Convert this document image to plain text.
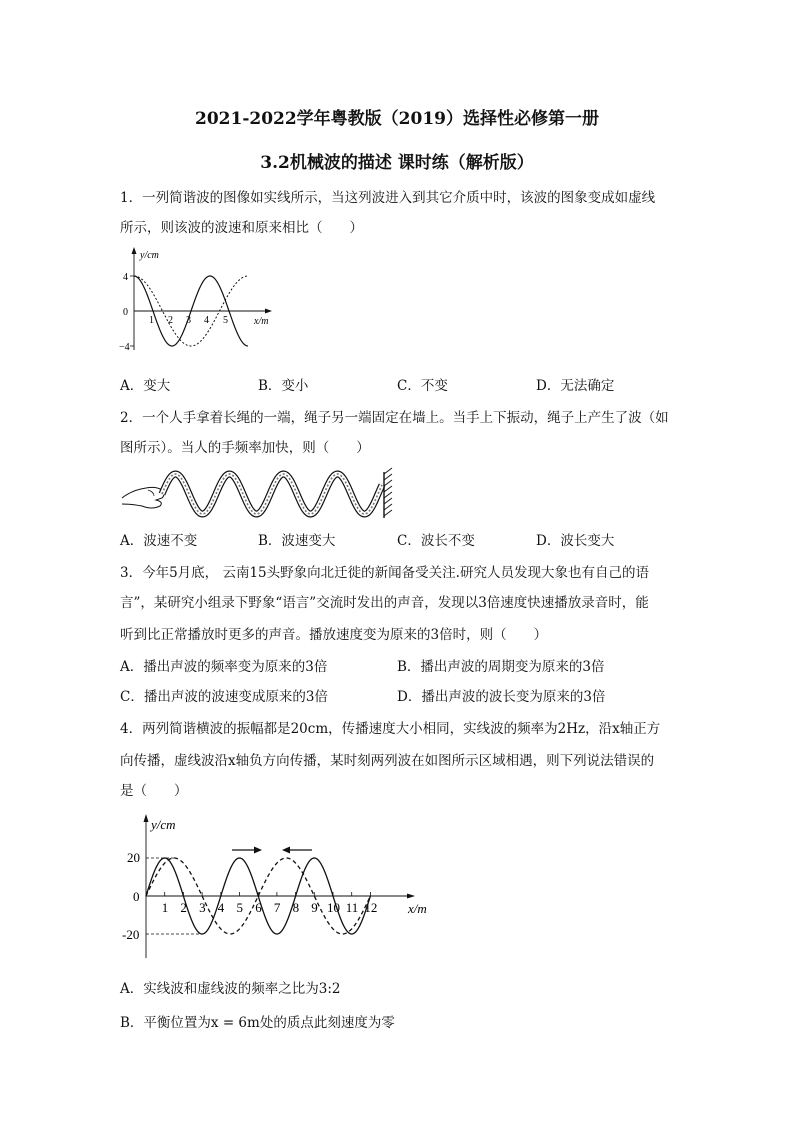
2021-2022学年粤教版（2019）选择性必修第一册
3.2机械波的描述 课时练（解析版）
1．一列简谐波的图像如实线所示，当这列波进入到其它介质中时，该波的图象变成如虚线
所示，则该波的波速和原来相比（　　）
y/cm
x/m
4
0
−4
1 2 3 4 5
A．变大	B．变小	C．不变	D．无法确定
2．一个人手拿着长绳的一端，绳子另一端固定在墙上。当手上下振动，绳子上产生了波（如
图所示）。当人的手频率加快，则（　　）
A．波速不变	B．波速变大	C．波长不变	D．波长变大
3．今年5月底， 云南15头野象向北迁徙的新闻备受关注.研究人员发现大象也有自己的语
言”，某研究小组录下野象“语言”交流时发出的声音，发现以3倍速度快速播放录音时，能
听到比正常播放时更多的声音。播放速度变为原来的3倍时，则（　　）
A．播出声波的频率变为原来的3倍	B．播出声波的周期变为原来的3倍
C．播出声波的波速变成原来的3倍	D．播出声波的波长变为原来的3倍
4．两列简谐横波的振幅都是20cm，传播速度大小相同，实线波的频率为2Hz，沿x轴正方
向传播，虚线波沿x轴负方向传播，某时刻两列波在如图所示区域相遇，则下列说法错误的
是（　　）
y/cm
x/m
20
0
-20
1 2 3 4 5 6 7 8 9 10 11 12
A．实线波和虚线波的频率之比为3:2
B．平衡位置为x = 6m处的质点此刻速度为零
